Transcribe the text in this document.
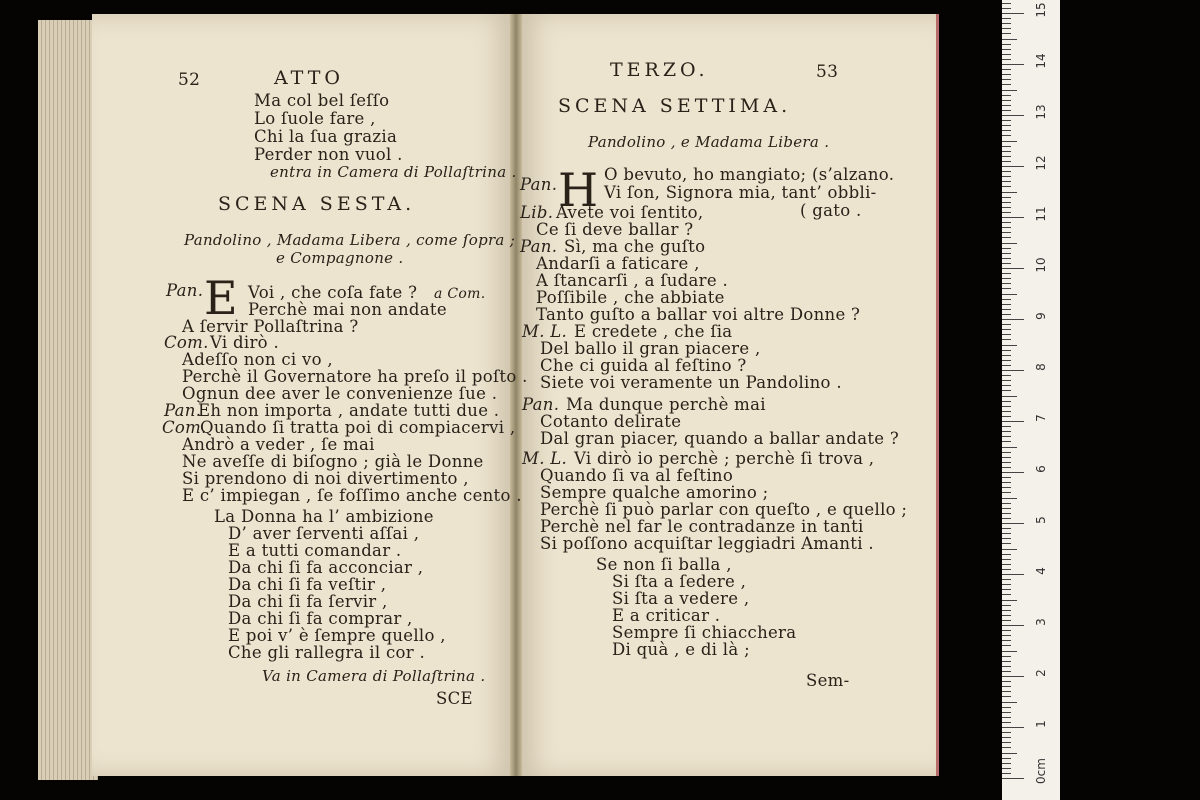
52	ATTO
Ma col bel ſeſſo
Lo ſuole fare ,
Chi la ſua grazia
Perder non vuol .
entra in Camera di Pollaſtrina .
SCENA SESTA.
Pandolino , Madama Libera , come ſopra ;
e Compagnone .
Pan. E Voi , che coſa fate ? a Com.
Perchè mai non andate
A ſervir Pollaſtrina ?
Com. Vi dirò .
Adeſſo non ci vo ,
Perchè il Governatore ha preſo il poſto .
Ognun dee aver le convenienze ſue .
Pan.
Eh non importa , andate tutti due .
Com.
Quando ſi tratta poi di compiacervi ,
Andrò a veder , ſe mai
Ne aveſſe di biſogno ; già le Donne
Si prendono di noi divertimento ,
E c’ impiegan , ſe foſſimo anche cento .
La Donna ha l’ ambizione
D’ aver ſerventi aſſai ,
E a tutti comandar .
Da chi ſi fa acconciar ,
Da chi ſi fa veſtir ,
Da chi ſi fa ſervir ,
Da chi ſi fa comprar ,
E poi v’ è ſempre quello ,
Che gli rallegra il cor .
Va in Camera di Pollaſtrina .
SCE
TERZO.	53
SCENA SETTIMA.
Pandolino , e Madama Libera .
Pan. H O bevuto, ho mangiato; (s’alzano.
Vi ſon, Signora mia, tant’ obbli-
Lib. Avete voi ſentito,	( gato .
Ce ſi deve ballar ?
Pan. Sì, ma che guſto
Andarſi a faticare ,
A ſtancarſi , a ſudare .
Poſſibile , che abbiate
Tanto guſto a ballar voi altre Donne ?
M. L. E credete , che ſia
Del ballo il gran piacere ,
Che ci guida al feſtino ?
Siete voi veramente un Pandolino .
Pan. Ma dunque perchè mai
Cotanto delirate
Dal gran piacer, quando a ballar andate ?
M. L. Vi dirò io perchè ; perchè ſi trova ,
Quando ſi va al feſtino
Sempre qualche amorino ;
Perchè ſi può parlar con queſto , e quello ;
Perchè nel far le contradanze in tanti
Si poſſono acquiſtar leggiadri Amanti .
Se non ſi balla ,
Si ſta a ſedere ,
Si ſta a vedere ,
E a criticar .
Sempre ſi chiacchera
Di quà , e di là ;
Sem-
0cm
1
2
3
4
5
6
7
8
9
10
11
12
13
14
15
